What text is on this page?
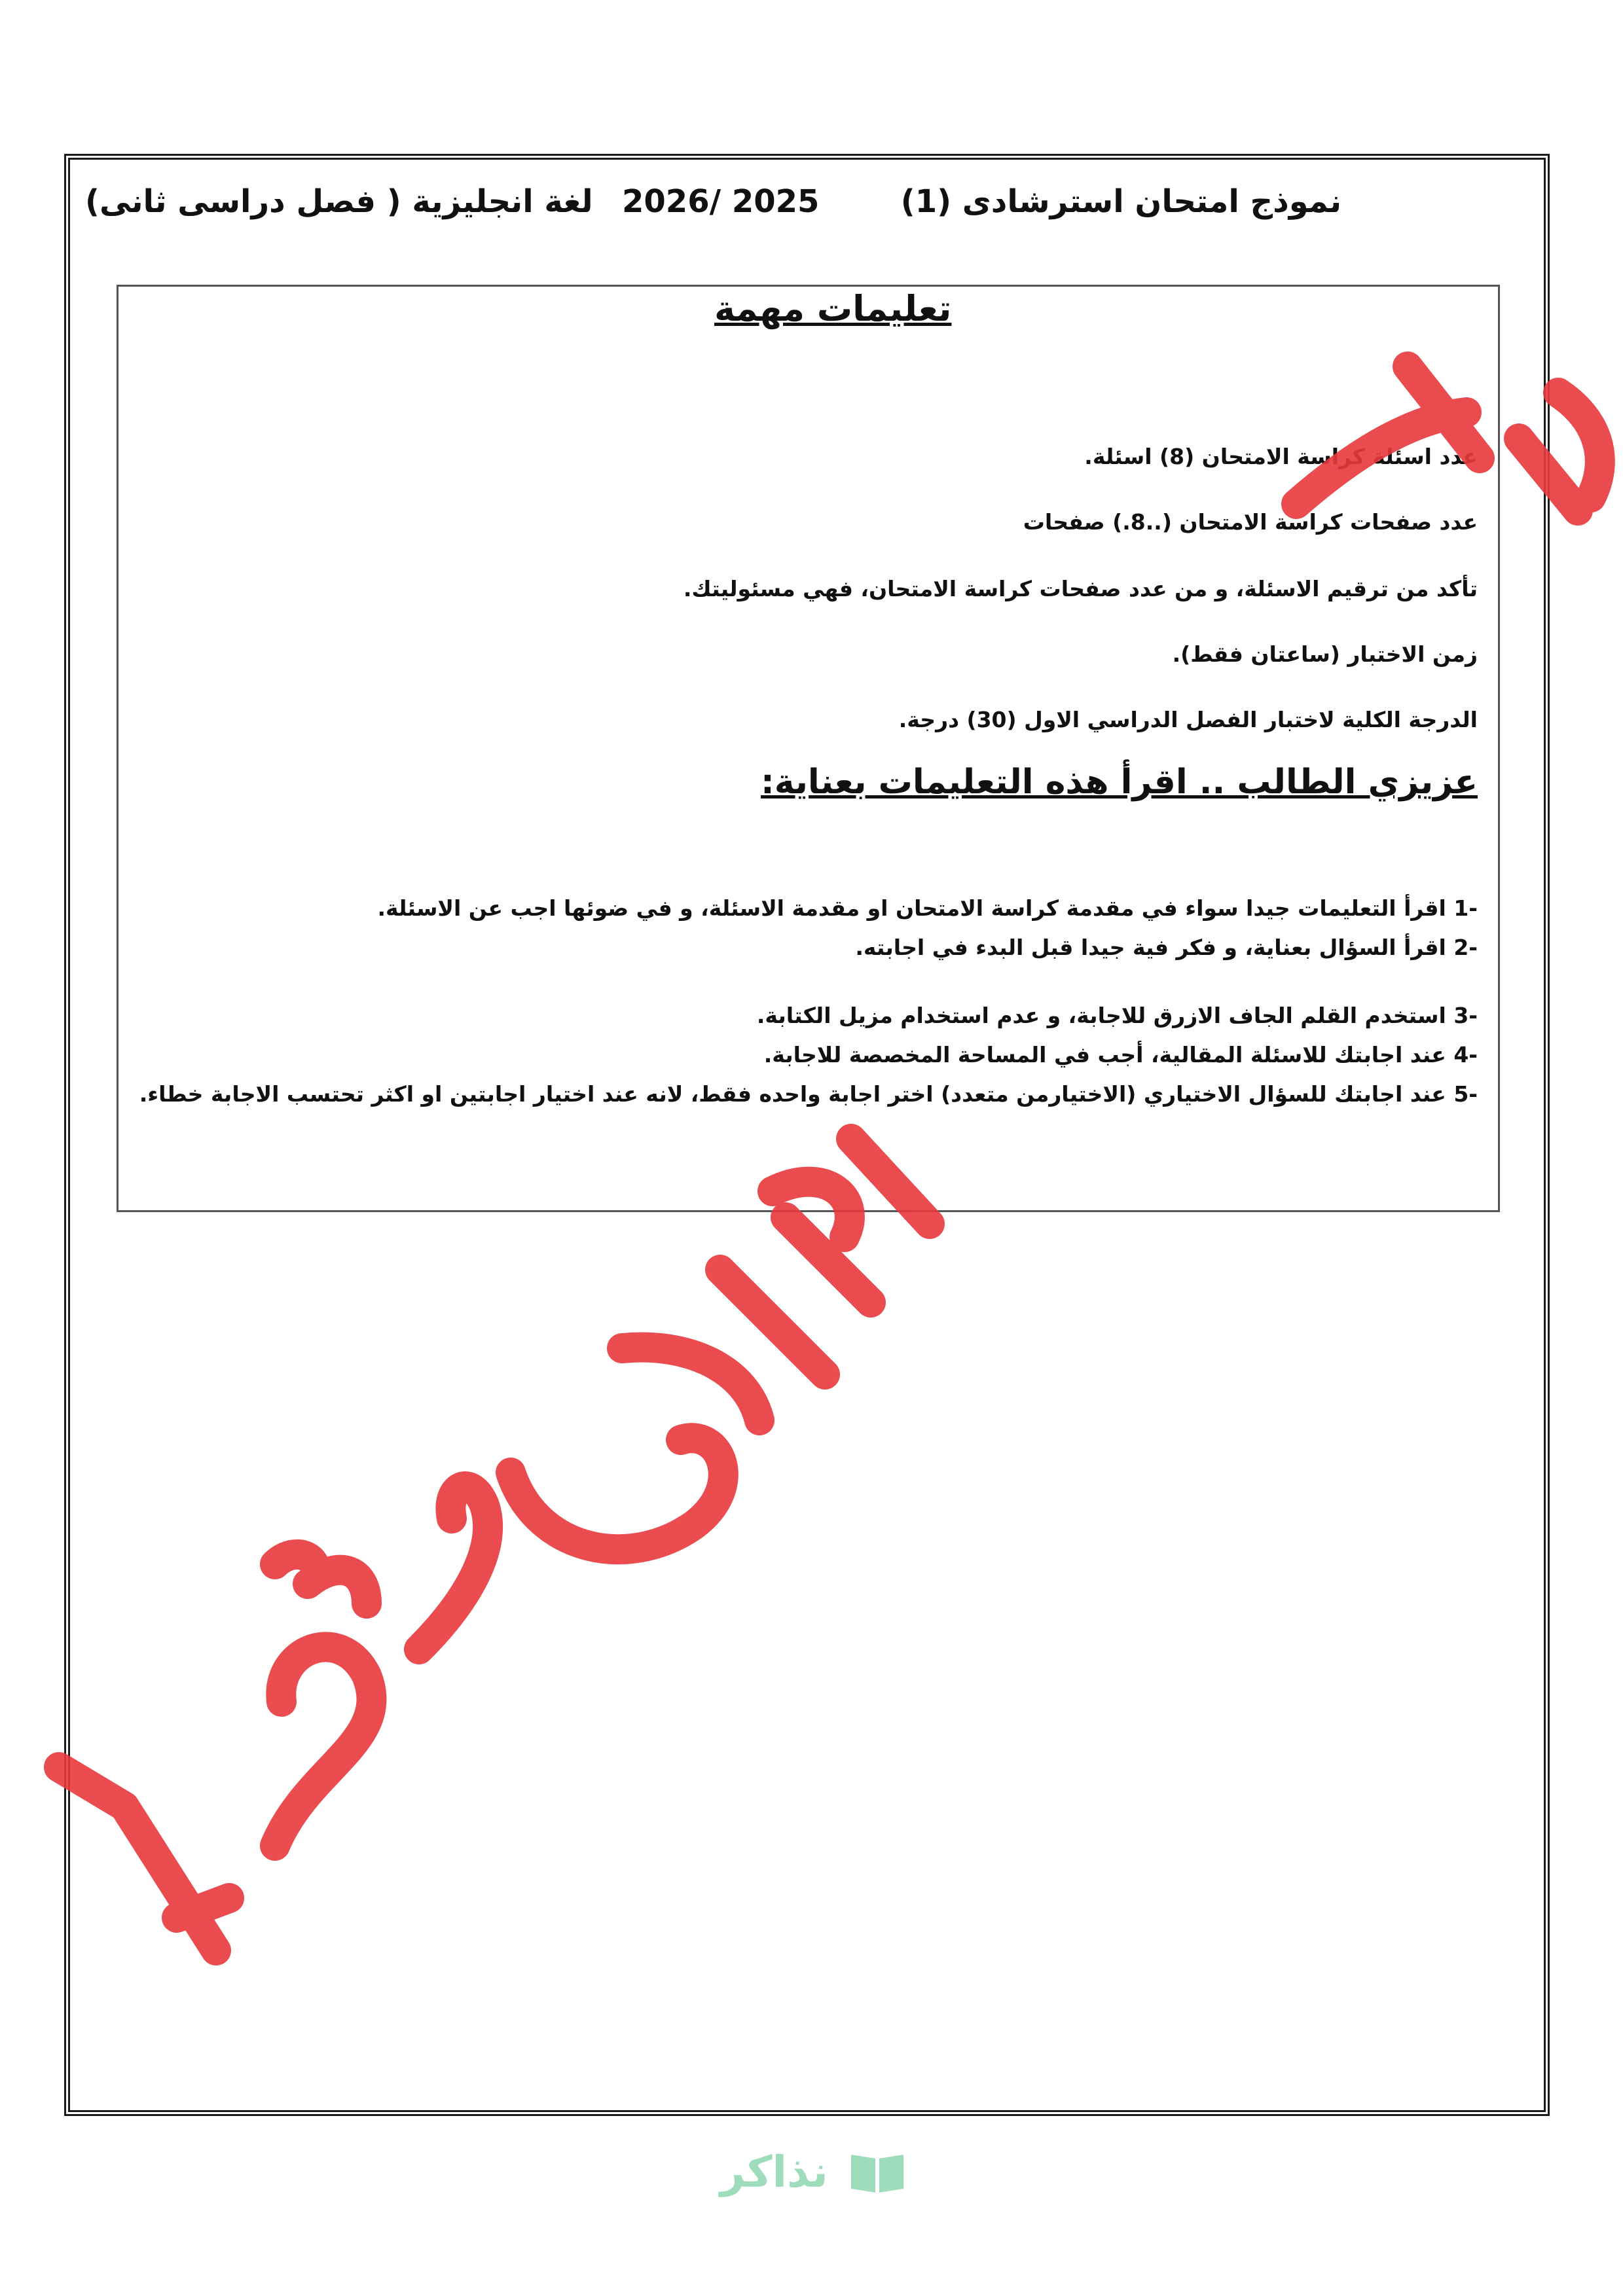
نموذج امتحان استرشادى (1)
2026/ 2025
لغة انجليزية ( فصل دراسى ثانى)
تعليمات مهمة
عدد اسئلة كراسة الامتحان (8) اسئلة.
عدد صفحات كراسة الامتحان (..8.) صفحات
تأكد من ترقيم الاسئلة، و من عدد صفحات كراسة الامتحان، فهي مسئوليتك.
زمن الاختبار (ساعتان فقط).
الدرجة الكلية لاختبار الفصل الدراسي الاول (30) درجة.
عزيزي الطالب .. اقرأ هذه التعليمات بعناية:
-1 اقرأ التعليمات جيدا سواء في مقدمة كراسة الامتحان او مقدمة الاسئلة، و في ضوئها اجب عن الاسئلة.
-2 اقرأ السؤال بعناية، و فكر فية جيدا قبل البدء في اجابته.
-3 استخدم القلم الجاف الازرق للاجابة، و عدم استخدام مزيل الكتابة.
-4 عند اجابتك للاسئلة المقالية، أجب في المساحة المخصصة للاجابة.
-5 عند اجابتك للسؤال الاختياري (الاختيارمن متعدد) اختر اجابة واحده فقط، لانه عند اختيار اجابتين او اكثر تحتسب الاجابة خطاء.
نذاكر
